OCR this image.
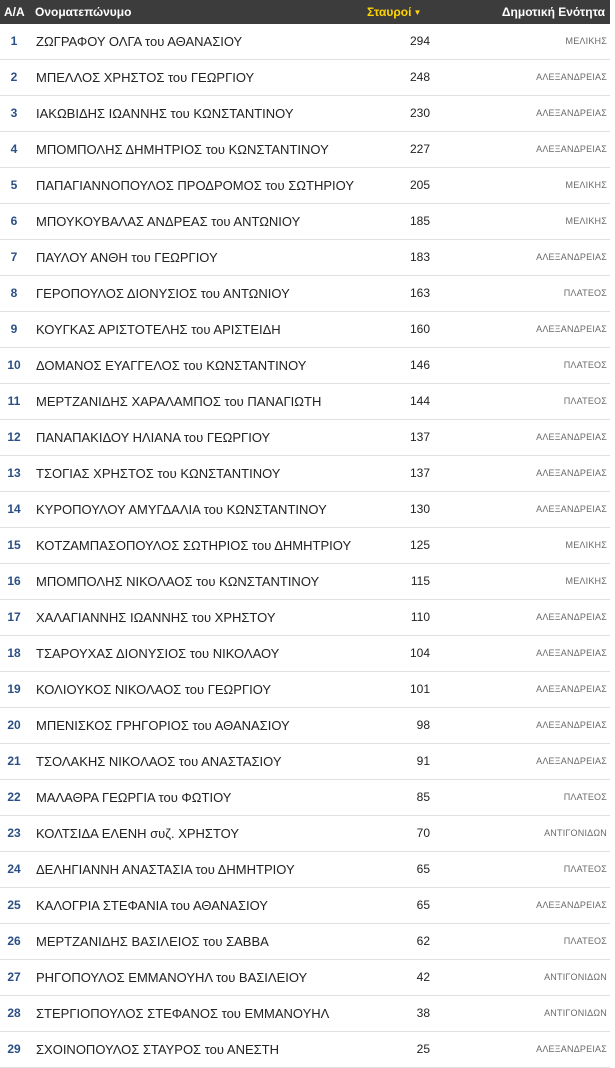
Α/Α Ονοματεπώνυμο	Σταυροί ▼	Δημοτική Ενότητα
1	ΖΩΓΡΑΦΟΥ ΟΛΓΑ του ΑΘΑΝΑΣΙΟΥ	294	ΜΕΛΙΚΗΣ
2	ΜΠΕΛΛΟΣ ΧΡΗΣΤΟΣ του ΓΕΩΡΓΙΟΥ	248	ΑΛΕΞΑΝΔΡΕΙΑΣ
3	ΙΑΚΩΒΙΔΗΣ ΙΩΑΝΝΗΣ του ΚΩΝΣΤΑΝΤΙΝΟΥ	230	ΑΛΕΞΑΝΔΡΕΙΑΣ
4	ΜΠΟΜΠΟΛΗΣ ΔΗΜΗΤΡΙΟΣ του ΚΩΝΣΤΑΝΤΙΝΟΥ	227	ΑΛΕΞΑΝΔΡΕΙΑΣ
5	ΠΑΠΑΓΙΑΝΝΟΠΟΥΛΟΣ ΠΡΟΔΡΟΜΟΣ του ΣΩΤΗΡΙΟΥ	205	ΜΕΛΙΚΗΣ
6	ΜΠΟΥΚΟΥΒΑΛΑΣ ΑΝΔΡΕΑΣ του ΑΝΤΩΝΙΟΥ	185	ΜΕΛΙΚΗΣ
7	ΠΑΥΛΟΥ ΑΝΘΗ του ΓΕΩΡΓΙΟΥ	183	ΑΛΕΞΑΝΔΡΕΙΑΣ
8	ΓΕΡΟΠΟΥΛΟΣ ΔΙΟΝΥΣΙΟΣ του ΑΝΤΩΝΙΟΥ	163	ΠΛΑΤΕΟΣ
9	ΚΟΥΓΚΑΣ ΑΡΙΣΤΟΤΕΛΗΣ του ΑΡΙΣΤΕΙΔΗ	160	ΑΛΕΞΑΝΔΡΕΙΑΣ
10	ΔΟΜΑΝΟΣ ΕΥΑΓΓΕΛΟΣ του ΚΩΝΣΤΑΝΤΙΝΟΥ	146	ΠΛΑΤΕΟΣ
11	ΜΕΡΤΖΑΝΙΔΗΣ ΧΑΡΑΛΑΜΠΟΣ του ΠΑΝΑΓΙΩΤΗ	144	ΠΛΑΤΕΟΣ
12	ΠΑΝΑΠΑΚΙΔΟΥ ΗΛΙΑΝΑ του ΓΕΩΡΓΙΟΥ	137	ΑΛΕΞΑΝΔΡΕΙΑΣ
13	ΤΣΟΓΙΑΣ ΧΡΗΣΤΟΣ του ΚΩΝΣΤΑΝΤΙΝΟΥ	137	ΑΛΕΞΑΝΔΡΕΙΑΣ
14	ΚΥΡΟΠΟΥΛΟΥ ΑΜΥΓΔΑΛΙΑ του ΚΩΝΣΤΑΝΤΙΝΟΥ	130	ΑΛΕΞΑΝΔΡΕΙΑΣ
15	ΚΟΤΖΑΜΠΑΣΟΠΟΥΛΟΣ ΣΩΤΗΡΙΟΣ του ΔΗΜΗΤΡΙΟΥ	125	ΜΕΛΙΚΗΣ
16	ΜΠΟΜΠΟΛΗΣ ΝΙΚΟΛΑΟΣ του ΚΩΝΣΤΑΝΤΙΝΟΥ	115	ΜΕΛΙΚΗΣ
17	ΧΑΛΑΓΙΑΝΝΗΣ ΙΩΑΝΝΗΣ του ΧΡΗΣΤΟΥ	110	ΑΛΕΞΑΝΔΡΕΙΑΣ
18	ΤΣΑΡΟΥΧΑΣ ΔΙΟΝΥΣΙΟΣ του ΝΙΚΟΛΑΟΥ	104	ΑΛΕΞΑΝΔΡΕΙΑΣ
19	ΚΟΛΙΟΥΚΟΣ ΝΙΚΟΛΑΟΣ του ΓΕΩΡΓΙΟΥ	101	ΑΛΕΞΑΝΔΡΕΙΑΣ
20	ΜΠΕΝΙΣΚΟΣ ΓΡΗΓΟΡΙΟΣ του ΑΘΑΝΑΣΙΟΥ	98	ΑΛΕΞΑΝΔΡΕΙΑΣ
21	ΤΣΟΛΑΚΗΣ ΝΙΚΟΛΑΟΣ του ΑΝΑΣΤΑΣΙΟΥ	91	ΑΛΕΞΑΝΔΡΕΙΑΣ
22	ΜΑΛΑΘΡΑ ΓΕΩΡΓΙΑ του ΦΩΤΙΟΥ	85	ΠΛΑΤΕΟΣ
23	ΚΟΛΤΣΙΔΑ ΕΛΕΝΗ συζ. ΧΡΗΣΤΟΥ	70	ΑΝΤΙΓΟΝΙΔΩΝ
24	ΔΕΛΗΓΙΑΝΝΗ ΑΝΑΣΤΑΣΙΑ του ΔΗΜΗΤΡΙΟΥ	65	ΠΛΑΤΕΟΣ
25	ΚΑΛΟΓΡΙΑ ΣΤΕΦΑΝΙΑ του ΑΘΑΝΑΣΙΟΥ	65	ΑΛΕΞΑΝΔΡΕΙΑΣ
26	ΜΕΡΤΖΑΝΙΔΗΣ ΒΑΣΙΛΕΙΟΣ του ΣΑΒΒΑ	62	ΠΛΑΤΕΟΣ
27	ΡΗΓΟΠΟΥΛΟΣ ΕΜΜΑΝΟΥΗΛ του ΒΑΣΙΛΕΙΟΥ	42	ΑΝΤΙΓΟΝΙΔΩΝ
28	ΣΤΕΡΓΙΟΠΟΥΛΟΣ ΣΤΕΦΑΝΟΣ του ΕΜΜΑΝΟΥΗΛ	38	ΑΝΤΙΓΟΝΙΔΩΝ
29	ΣΧΟΙΝΟΠΟΥΛΟΣ ΣΤΑΥΡΟΣ του ΑΝΕΣΤΗ	25	ΑΛΕΞΑΝΔΡΕΙΑΣ
